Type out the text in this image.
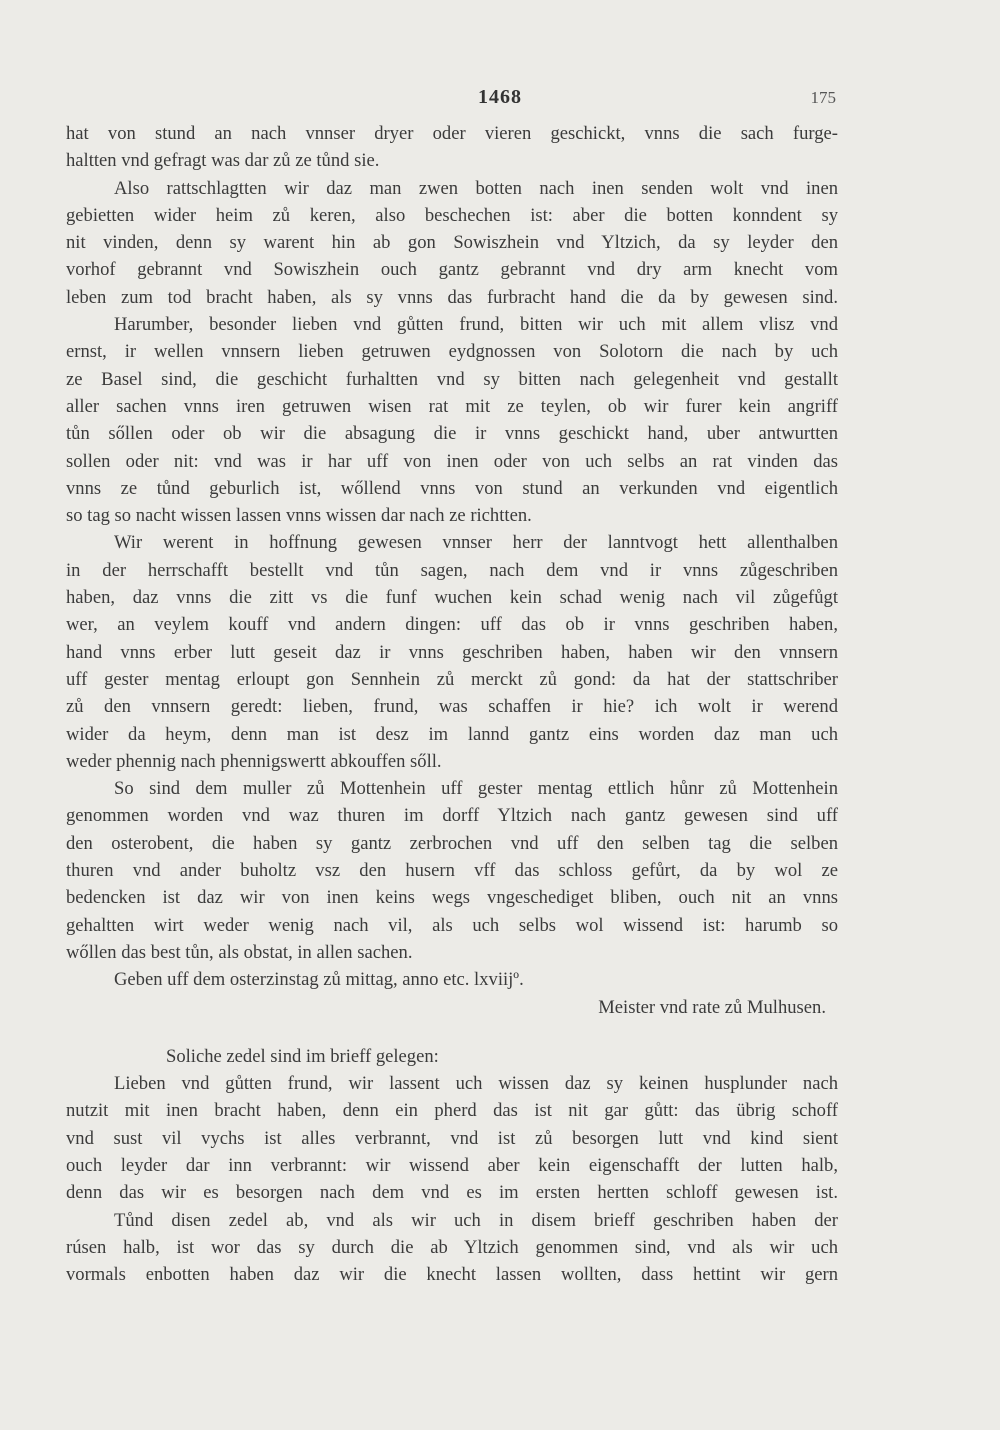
1468	175
hat von stund an nach vnnser dryer oder vieren geschickt, vnns die sach furge-
haltten vnd gefragt was dar zů ze tůnd sie.
Also rattschlagtten wir daz man zwen botten nach inen senden wolt vnd inen
gebietten wider heim zů keren, also beschechen ist: aber die botten konndent sy
nit vinden, denn sy warent hin ab gon Sowiszhein vnd Yltzich, da sy leyder den
vorhof gebrannt vnd Sowiszhein ouch gantz gebrannt vnd dry arm knecht vom
leben zum tod bracht haben, als sy vnns das furbracht hand die da by gewesen sind.
Harumber, besonder lieben vnd gůtten frund, bitten wir uch mit allem vlisz vnd
ernst, ir wellen vnnsern lieben getruwen eydgnossen von Solotorn die nach by uch
ze Basel sind, die geschicht furhaltten vnd sy bitten nach gelegenheit vnd gestallt
aller sachen vnns iren getruwen wisen rat mit ze teylen, ob wir furer kein angriff
tůn sőllen oder ob wir die absagung die ir vnns geschickt hand, uber antwurtten
sollen oder nit: vnd was ir har uff von inen oder von uch selbs an rat vinden das
vnns ze tůnd geburlich ist, wőllend vnns von stund an verkunden vnd eigentlich
so tag so nacht wissen lassen vnns wissen dar nach ze richtten.
Wir werent in hoffnung gewesen vnnser herr der lanntvogt hett allenthalben
in der herrschafft bestellt vnd tůn sagen, nach dem vnd ir vnns zůgeschriben
haben, daz vnns die zitt vs die funf wuchen kein schad wenig nach vil zůgefůgt
wer, an veylem kouff vnd andern dingen: uff das ob ir vnns geschriben haben,
hand vnns erber lutt geseit daz ir vnns geschriben haben, haben wir den vnnsern
uff gester mentag erloupt gon Sennhein zů merckt zů gond: da hat der stattschriber
zů den vnnsern geredt: lieben, frund, was schaffen ir hie? ich wolt ir werend
wider da heym, denn man ist desz im lannd gantz eins worden daz man uch
weder phennig nach phennigswertt abkouffen sőll.
So sind dem muller zů Mottenhein uff gester mentag ettlich hůnr zů Mottenhein
genommen worden vnd waz thuren im dorff Yltzich nach gantz gewesen sind uff
den osterobent, die haben sy gantz zerbrochen vnd uff den selben tag die selben
thuren vnd ander buholtz vsz den husern vff das schloss gefůrt, da by wol ze
bedencken ist daz wir von inen keins wegs vngeschediget bliben, ouch nit an vnns
gehaltten wirt weder wenig nach vil, als uch selbs wol wissend ist: harumb so
wőllen das best tůn, als obstat, in allen sachen.
Geben uff dem osterzinstag zů mittag, anno etc. lxviijº.
Meister vnd rate zů Mulhusen.
Soliche zedel sind im brieff gelegen:
Lieben vnd gůtten frund, wir lassent uch wissen daz sy keinen husplunder nach
nutzit mit inen bracht haben, denn ein pherd das ist nit gar gůtt: das übrig schoff
vnd sust vil vychs ist alles verbrannt, vnd ist zů besorgen lutt vnd kind sient
ouch leyder dar inn verbrannt: wir wissend aber kein eigenschafft der lutten halb,
denn das wir es besorgen nach dem vnd es im ersten hertten schloff gewesen ist.
Tůnd disen zedel ab, vnd als wir uch in disem brieff geschriben haben der
rúsen halb, ist wor das sy durch die ab Yltzich genommen sind, vnd als wir uch
vormals enbotten haben daz wir die knecht lassen wollten, dass hettint wir gern
